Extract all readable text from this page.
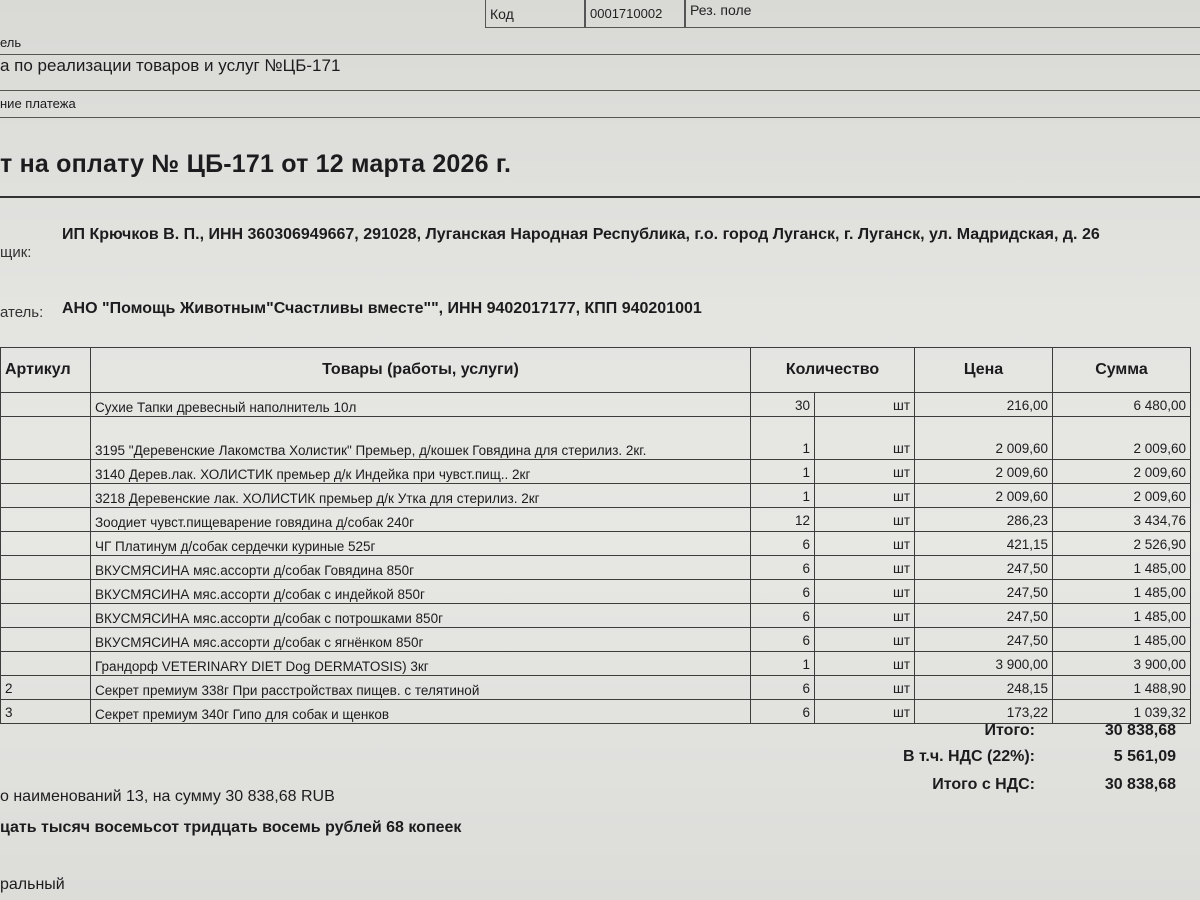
Код	0001710002	Рез. поле
ель
а по реализации товаров и услуг №ЦБ-171
ние платежа
т на оплату № ЦБ-171 от 12 марта 2026 г.
щик:
ИП Крючков В. П., ИНН 360306949667, 291028, Луганская Народная Республика, г.о. город Луганск, г. Луганск, ул. Мадридская, д. 26
атель: АНО "Помощь Животным"Счастливы вместе"", ИНН 9402017177, КПП 940201001
Артикул	Товары (работы, услуги)	Количество		Цена	Сумма
	Сухие Тапки древесный наполнитель 10л	30	шт	216,00	6 480,00
	3195 "Деревенские Лакомства Холистик" Премьер, д/кошек Говядина для стерилиз. 2кг.	1	шт	2 009,60	2 009,60
	3140 Дерев.лак. ХОЛИСТИК премьер д/к Индейка при чувст.пищ.. 2кг	1	шт	2 009,60	2 009,60
	3218 Деревенские лак. ХОЛИСТИК премьер д/к Утка для стерилиз. 2кг	1	шт	2 009,60	2 009,60
	Зоодиет чувст.пищеварение говядина д/собак 240г	12	шт	286,23	3 434,76
	ЧГ Платинум д/собак сердечки куриные 525г	6	шт	421,15	2 526,90
	ВКУСМЯСИНА мяс.ассорти д/собак Говядина 850г	6	шт	247,50	1 485,00
	ВКУСМЯСИНА мяс.ассорти д/собак с индейкой 850г	6	шт	247,50	1 485,00
	ВКУСМЯСИНА мяс.ассорти д/собак с потрошками 850г	6	шт	247,50	1 485,00
	ВКУСМЯСИНА мяс.ассорти д/собак с ягнёнком 850г	6	шт	247,50	1 485,00
	Грандорф VETERINARY DIET Dog DERMATOSIS) 3кг	1	шт	3 900,00	3 900,00
2	Секрет премиум 338г При расстройствах пищев. с телятиной	6	шт	248,15	1 488,90
3	Секрет премиум 340г Гипо для собак и щенков	6	шт	173,22	1 039,32
Итого:	30 838,68
В т.ч. НДС (22%):	5 561,09
Итого с НДС:	30 838,68
о наименований 13, на сумму 30 838,68 RUB
цать тысяч восемьсот тридцать восемь рублей 68 копеек
ральный
